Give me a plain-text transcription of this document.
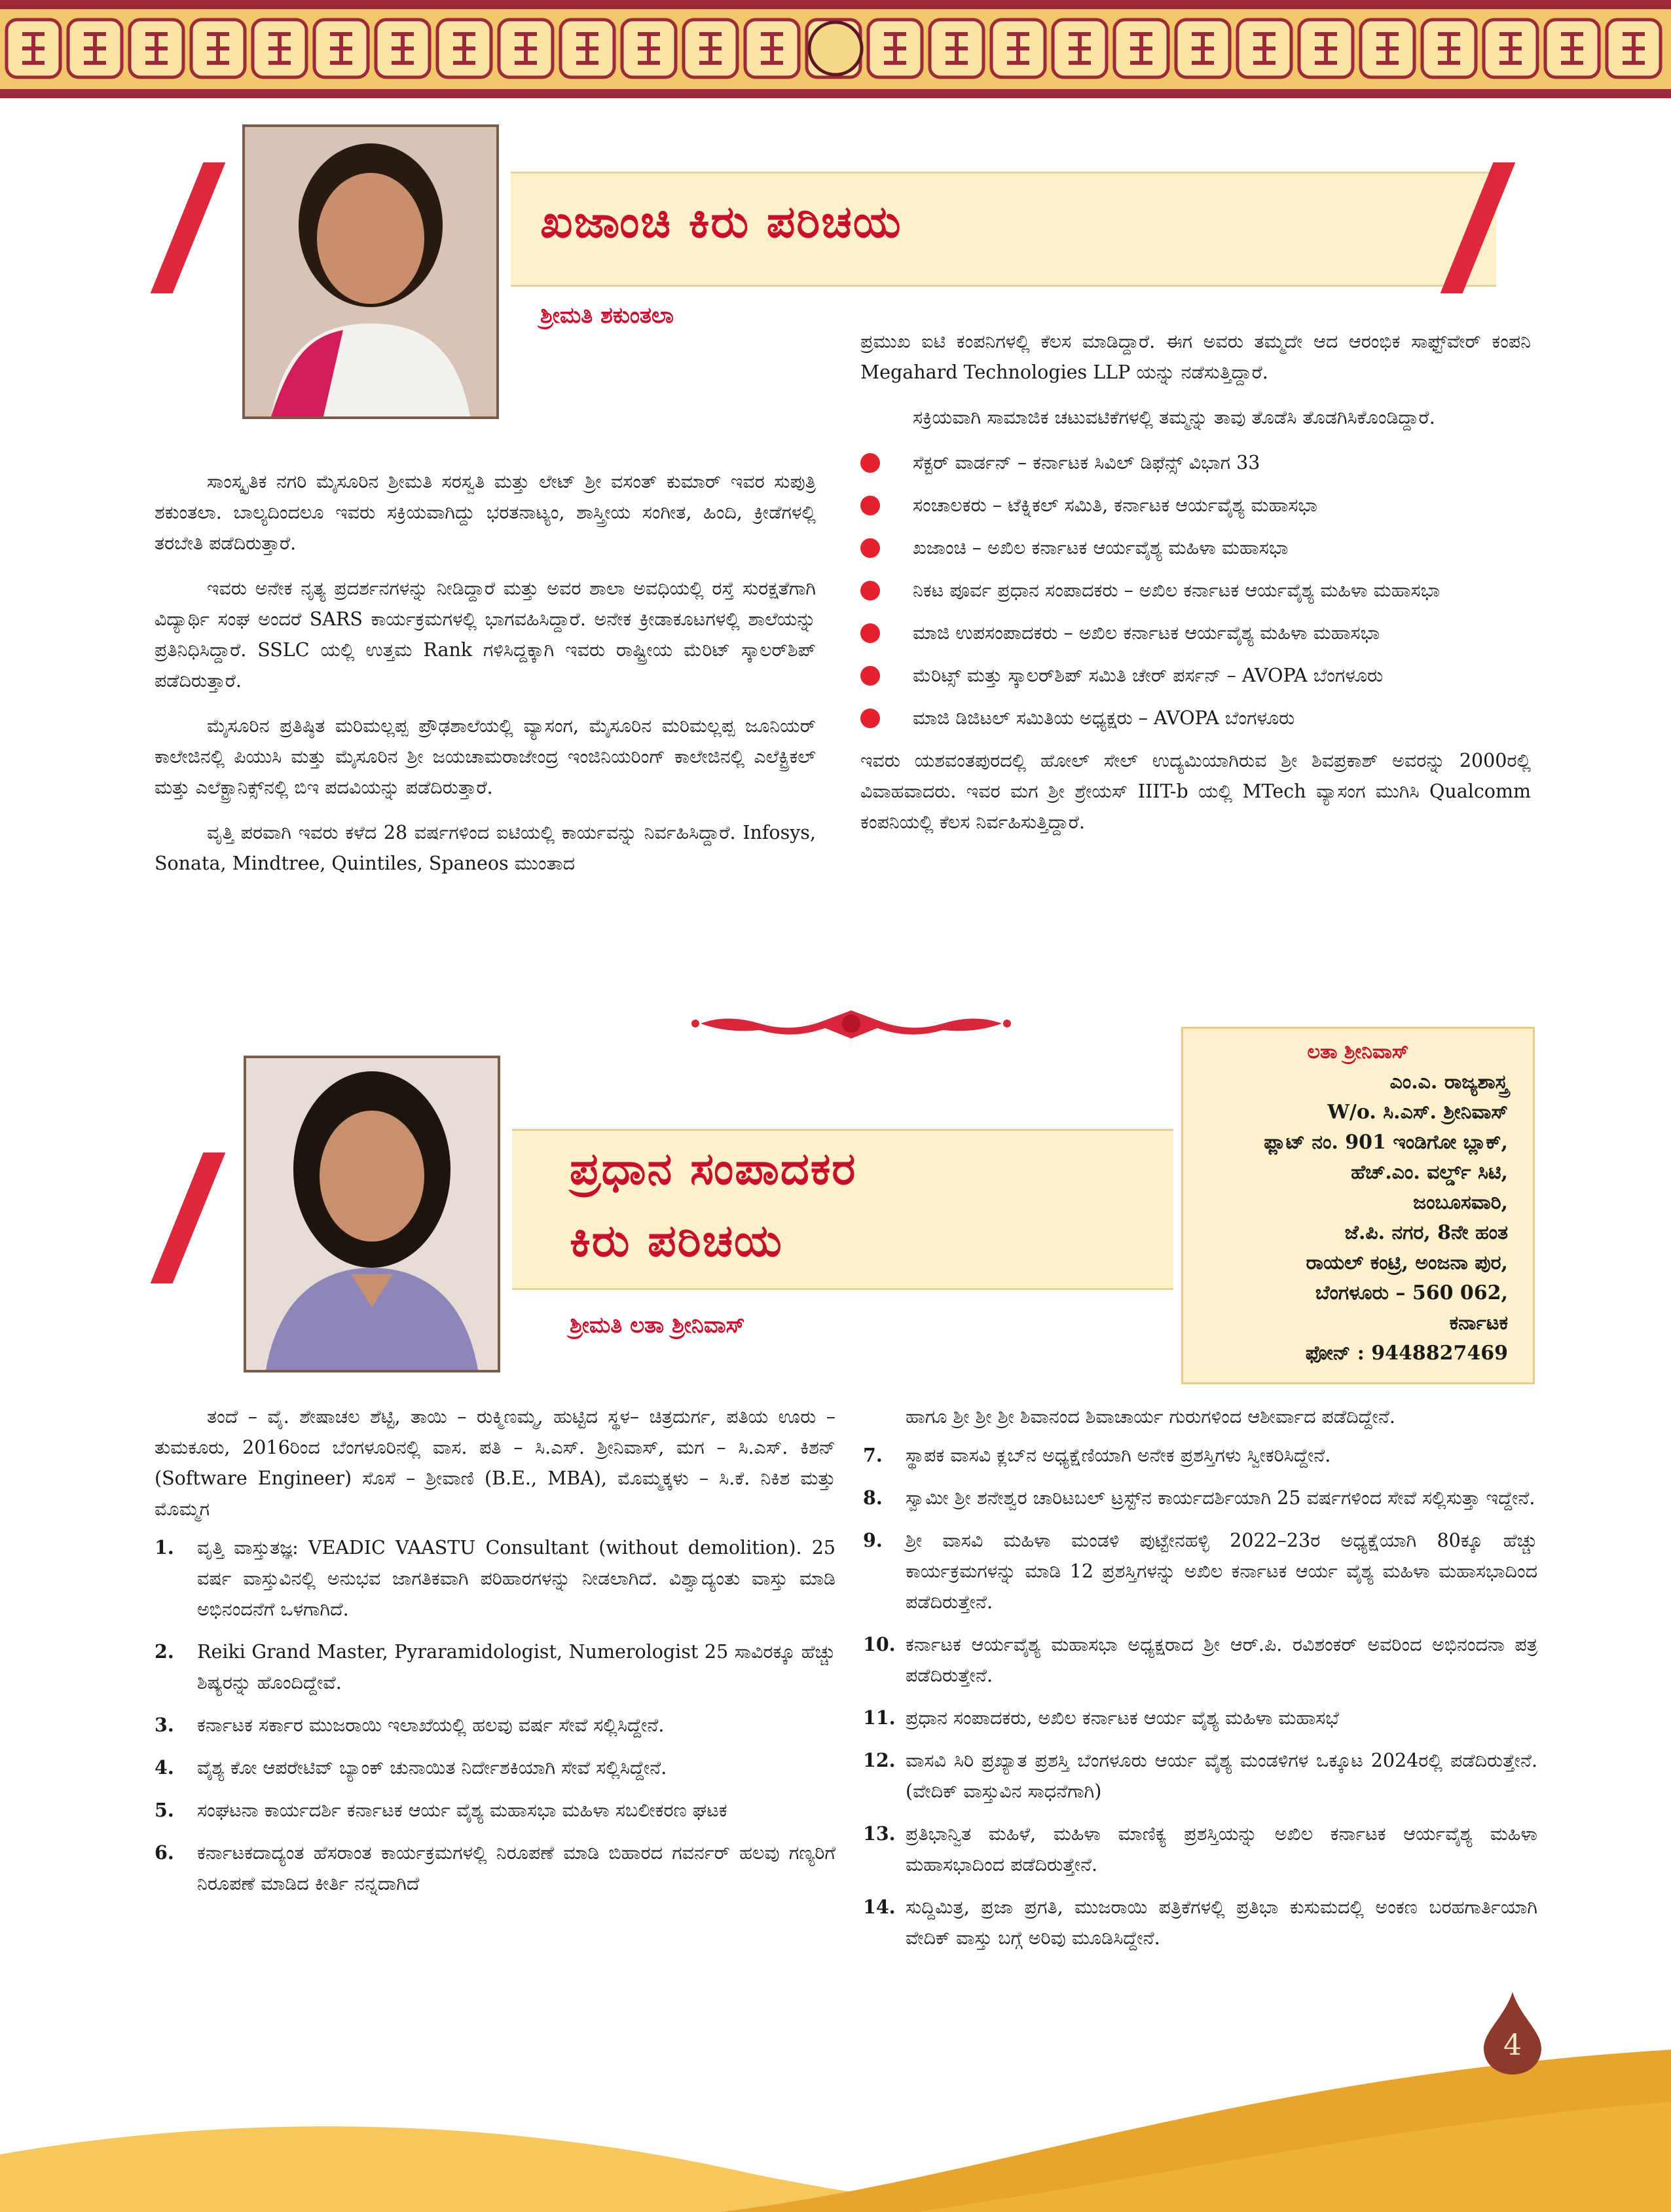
ಖಜಾಂಚಿ ಕಿರು ಪರಿಚಯ
ಶ್ರೀಮತಿ ಶಕುಂತಲಾ

ಸಾಂಸ್ಕೃತಿಕ ನಗರಿ ಮೈಸೂರಿನ ಶ್ರೀಮತಿ ಸರಸ್ವತಿ ಮತ್ತು ಲೇಟ್ ಶ್ರೀ ವಸಂತ್ ಕುಮಾರ್ ಇವರ ಸುಪುತ್ರಿ ಶಕುಂತಲಾ. ಬಾಲ್ಯದಿಂದಲೂ ಇವರು ಸಕ್ರಿಯವಾಗಿದ್ದು ಭರತನಾಟ್ಯಂ, ಶಾಸ್ತ್ರೀಯ ಸಂಗೀತ, ಹಿಂದಿ, ಕ್ರೀಡೆಗಳಲ್ಲಿ ತರಬೇತಿ ಪಡೆದಿರುತ್ತಾರೆ.

ಇವರು ಅನೇಕ ನೃತ್ಯ ಪ್ರದರ್ಶನಗಳನ್ನು ನೀಡಿದ್ದಾರೆ ಮತ್ತು ಅವರ ಶಾಲಾ ಅವಧಿಯಲ್ಲಿ ರಸ್ತೆ ಸುರಕ್ಷತೆಗಾಗಿ ವಿದ್ಯಾರ್ಥಿ ಸಂಘ ಅಂದರೆ SARS ಕಾರ್ಯಕ್ರಮಗಳಲ್ಲಿ ಭಾಗವಹಿಸಿದ್ದಾರೆ. ಅನೇಕ ಕ್ರೀಡಾಕೂಟಗಳಲ್ಲಿ ಶಾಲೆಯನ್ನು ಪ್ರತಿನಿಧಿಸಿದ್ದಾರೆ. SSLC ಯಲ್ಲಿ ಉತ್ತಮ Rank ಗಳಿಸಿದ್ದಕ್ಕಾಗಿ ಇವರು ರಾಷ್ಟ್ರೀಯ ಮೆರಿಟ್ ಸ್ಕಾಲರ್‌ಶಿಪ್ ಪಡೆದಿರುತ್ತಾರೆ.

ಮೈಸೂರಿನ ಪ್ರತಿಷ್ಠಿತ ಮರಿಮಲ್ಲಪ್ಪ ಪ್ರೌಢಶಾಲೆಯಲ್ಲಿ ವ್ಯಾಸಂಗ, ಮೈಸೂರಿನ ಮರಿಮಲ್ಲಪ್ಪ ಜೂನಿಯರ್ ಕಾಲೇಜಿನಲ್ಲಿ ಪಿಯುಸಿ ಮತ್ತು ಮೈಸೂರಿನ ಶ್ರೀ ಜಯಚಾಮರಾಜೇಂದ್ರ ಇಂಜಿನಿಯರಿಂಗ್ ಕಾಲೇಜಿನಲ್ಲಿ ಎಲೆಕ್ಟ್ರಿಕಲ್ ಮತ್ತು ಎಲೆಕ್ಟ್ರಾನಿಕ್ಸ್‌ನಲ್ಲಿ ಬಿಇ ಪದವಿಯನ್ನು ಪಡೆದಿರುತ್ತಾರೆ.

ವೃತ್ತಿ ಪರವಾಗಿ ಇವರು ಕಳೆದ 28 ವರ್ಷಗಳಿಂದ ಐಟಿಯಲ್ಲಿ ಕಾರ್ಯವನ್ನು ನಿರ್ವಹಿಸಿದ್ದಾರೆ. Infosys, Sonata, Mindtree, Quintiles, Spaneos ಮುಂತಾದ

ಪ್ರಮುಖ ಐಟಿ ಕಂಪನಿಗಳಲ್ಲಿ ಕೆಲಸ ಮಾಡಿದ್ದಾರೆ. ಈಗ ಅವರು ತಮ್ಮದೇ ಆದ ಆರಂಭಿಕ ಸಾಫ್ಟ್‌ವೇರ್ ಕಂಪನಿ Megahard Technologies LLP ಯನ್ನು ನಡೆಸುತ್ತಿದ್ದಾರೆ.

ಸಕ್ರಿಯವಾಗಿ ಸಾಮಾಜಿಕ ಚಟುವಟಿಕೆಗಳಲ್ಲಿ ತಮ್ಮನ್ನು ತಾವು ತೊಡೆಸಿ ತೊಡಗಿಸಿಕೊಂಡಿದ್ದಾರೆ.

ಸೆಕ್ಟರ್ ವಾರ್ಡನ್ – ಕರ್ನಾಟಕ ಸಿವಿಲ್ ಡಿಫೆನ್ಸ್ ವಿಭಾಗ 33
ಸಂಚಾಲಕರು – ಟೆಕ್ನಿಕಲ್ ಸಮಿತಿ, ಕರ್ನಾಟಕ ಆರ್ಯವೈಶ್ಯ ಮಹಾಸಭಾ
ಖಜಾಂಚಿ – ಅಖಿಲ ಕರ್ನಾಟಕ ಆರ್ಯವೈಶ್ಯ ಮಹಿಳಾ ಮಹಾಸಭಾ
ನಿಕಟ ಪೂರ್ವ ಪ್ರಧಾನ ಸಂಪಾದಕರು – ಅಖಿಲ ಕರ್ನಾಟಕ ಆರ್ಯವೈಶ್ಯ ಮಹಿಳಾ ಮಹಾಸಭಾ
ಮಾಜಿ ಉಪಸಂಪಾದಕರು – ಅಖಿಲ ಕರ್ನಾಟಕ ಆರ್ಯವೈಶ್ಯ ಮಹಿಳಾ ಮಹಾಸಭಾ
ಮೆರಿಟ್ಸ್ ಮತ್ತು ಸ್ಕಾಲರ್‌ಶಿಪ್ ಸಮಿತಿ ಚೇರ್ ಪರ್ಸನ್ – AVOPA ಬೆಂಗಳೂರು
ಮಾಜಿ ಡಿಜಿಟಲ್ ಸಮಿತಿಯ ಅಧ್ಯಕ್ಷರು – AVOPA ಬೆಂಗಳೂರು

ಇವರು ಯಶವಂತಪುರದಲ್ಲಿ ಹೋಲ್ ಸೇಲ್ ಉದ್ಯಮಿಯಾಗಿರುವ ಶ್ರೀ ಶಿವಪ್ರಕಾಶ್ ಅವರನ್ನು 2000ರಲ್ಲಿ ವಿವಾಹವಾದರು. ಇವರ ಮಗ ಶ್ರೀ ಶ್ರೇಯಸ್ IIIT-b ಯಲ್ಲಿ MTech ವ್ಯಾಸಂಗ ಮುಗಿಸಿ Qualcomm ಕಂಪನಿಯಲ್ಲಿ ಕೆಲಸ ನಿರ್ವಹಿಸುತ್ತಿದ್ದಾರೆ.

ಲತಾ ಶ್ರೀನಿವಾಸ್
ಎಂ.ಎ. ರಾಜ್ಯಶಾಸ್ತ್ರ
W/o. ಸಿ.ಎಸ್. ಶ್ರೀನಿವಾಸ್
ಫ್ಲಾಟ್ ನಂ. 901 ಇಂಡಿಗೋ ಬ್ಲಾಕ್,
ಹೆಚ್.ಎಂ. ವರ್ಲ್ಡ್ ಸಿಟಿ,
ಜಂಬೂಸವಾರಿ,
ಜೆ.ಪಿ. ನಗರ, 8ನೇ ಹಂತ
ರಾಯಲ್ ಕಂಟ್ರಿ, ಅಂಜನಾ ಪುರ,
ಬೆಂಗಳೂರು – 560 062,
ಕರ್ನಾಟಕ
ಫೋನ್ : 9448827469
ಪ್ರಧಾನ ಸಂಪಾದಕರ
ಕಿರು ಪರಿಚಯ
ಶ್ರೀಮತಿ ಲತಾ ಶ್ರೀನಿವಾಸ್

ತಂದೆ – ವೈ. ಶೇಷಾಚಲ ಶೆಟ್ಟಿ, ತಾಯಿ – ರುಕ್ಮಿಣಮ್ಮ, ಹುಟ್ಟಿದ ಸ್ಥಳ– ಚಿತ್ರದುರ್ಗ, ಪತಿಯ ಊರು – ತುಮಕೂರು, 2016ರಿಂದ ಬೆಂಗಳೂರಿನಲ್ಲಿ ವಾಸ. ಪತಿ – ಸಿ.ಎಸ್. ಶ್ರೀನಿವಾಸ್, ಮಗ – ಸಿ.ಎಸ್. ಕಿಶನ್ (Software Engineer) ಸೊಸೆ – ಶ್ರೀವಾಣಿ (B.E., MBA), ಮೊಮ್ಮಕ್ಕಳು – ಸಿ.ಕೆ. ನಿಕಿಶ ಮತ್ತು ಮೊಮ್ಮಗ

1. ವೃತ್ತಿ ವಾಸ್ತುತಜ್ಞ: VEADIC VAASTU Consultant (without demolition). 25 ವರ್ಷ ವಾಸ್ತುವಿನಲ್ಲಿ ಅನುಭವ ಜಾಗತಿಕವಾಗಿ ಪರಿಹಾರಗಳನ್ನು ನೀಡಲಾಗಿದೆ. ವಿಶ್ವಾದ್ಯಂತು ವಾಸ್ತು ಮಾಡಿ ಅಭಿನಂದನೆಗೆ ಒಳಗಾಗಿದೆ.
2. Reiki Grand Master, Pyraramidologist, Numerologist 25 ಸಾವಿರಕ್ಕೂ ಹೆಚ್ಚು ಶಿಷ್ಯರನ್ನು ಹೊಂದಿದ್ದೇವೆ.
3. ಕರ್ನಾಟಕ ಸರ್ಕಾರ ಮುಜರಾಯಿ ಇಲಾಖೆಯಲ್ಲಿ ಹಲವು ವರ್ಷ ಸೇವೆ ಸಲ್ಲಿಸಿದ್ದೇನೆ.
4. ವೈಶ್ಯ ಕೋ ಆಪರೇಟಿವ್ ಬ್ಯಾಂಕ್ ಚುನಾಯಿತ ನಿರ್ದೇಶಕಿಯಾಗಿ ಸೇವೆ ಸಲ್ಲಿಸಿದ್ದೇನೆ.
5. ಸಂಘಟನಾ ಕಾರ್ಯದರ್ಶಿ ಕರ್ನಾಟಕ ಆರ್ಯ ವೈಶ್ಯ ಮಹಾಸಭಾ ಮಹಿಳಾ ಸಬಲೀಕರಣ ಘಟಕ
6. ಕರ್ನಾಟಕದಾದ್ಯಂತ ಹೆಸರಾಂತ ಕಾರ್ಯಕ್ರಮಗಳಲ್ಲಿ ನಿರೂಪಣೆ ಮಾಡಿ ಬಿಹಾರದ ಗವರ್ನರ್ ಹಲವು ಗಣ್ಯರಿಗೆ ನಿರೂಪಣೆ ಮಾಡಿದ ಕೀರ್ತಿ ನನ್ನದಾಗಿದೆ

ಹಾಗೂ ಶ್ರೀ ಶ್ರೀ ಶ್ರೀ ಶಿವಾನಂದ ಶಿವಾಚಾರ್ಯ ಗುರುಗಳಿಂದ ಆಶೀರ್ವಾದ ಪಡೆದಿದ್ದೇನೆ.

7. ಸ್ಥಾಪಕ ವಾಸವಿ ಕ್ಲಬ್‌ನ ಅಧ್ಯಕ್ಷೆಣಿಯಾಗಿ ಅನೇಕ ಪ್ರಶಸ್ತಿಗಳು ಸ್ವೀಕರಿಸಿದ್ದೇನೆ.
8. ಸ್ವಾಮೀ ಶ್ರೀ ಶನೇಶ್ವರ ಚಾರಿಟಬಲ್ ಟ್ರಸ್ಟ್‌ನ ಕಾರ್ಯದರ್ಶಿಯಾಗಿ 25 ವರ್ಷಗಳಿಂದ ಸೇವೆ ಸಲ್ಲಿಸುತ್ತಾ ಇದ್ದೇನೆ.
9. ಶ್ರೀ ವಾಸವಿ ಮಹಿಳಾ ಮಂಡಳಿ ಪುಟ್ಟೇನಹಳ್ಳಿ 2022–23ರ ಅಧ್ಯಕ್ಷೆಯಾಗಿ 80ಕ್ಕೂ ಹೆಚ್ಚು ಕಾರ್ಯಕ್ರಮಗಳನ್ನು ಮಾಡಿ 12 ಪ್ರಶಸ್ತಿಗಳನ್ನು ಅಖಿಲ ಕರ್ನಾಟಕ ಆರ್ಯ ವೈಶ್ಯ ಮಹಿಳಾ ಮಹಾಸಭಾದಿಂದ ಪಡೆದಿರುತ್ತೇನೆ.
10. ಕರ್ನಾಟಕ ಆರ್ಯವೈಶ್ಯ ಮಹಾಸಭಾ ಅಧ್ಯಕ್ಷರಾದ ಶ್ರೀ ಆರ್.ಪಿ. ರವಿಶಂಕರ್ ಅವರಿಂದ ಅಭಿನಂದನಾ ಪತ್ರ ಪಡೆದಿರುತ್ತೇನೆ.
11. ಪ್ರಧಾನ ಸಂಪಾದಕರು, ಅಖಿಲ ಕರ್ನಾಟಕ ಆರ್ಯ ವೈಶ್ಯ ಮಹಿಳಾ ಮಹಾಸಭೆ
12. ವಾಸವಿ ಸಿರಿ ಪ್ರಖ್ಯಾತ ಪ್ರಶಸ್ತಿ ಬೆಂಗಳೂರು ಆರ್ಯ ವೈಶ್ಯ ಮಂಡಳಿಗಳ ಒಕ್ಕೂಟ 2024ರಲ್ಲಿ ಪಡೆದಿರುತ್ತೇನೆ. (ವೇದಿಕ್ ವಾಸ್ತುವಿನ ಸಾಧನೆಗಾಗಿ)
13. ಪ್ರತಿಭಾನ್ವಿತ ಮಹಿಳೆ, ಮಹಿಳಾ ಮಾಣಿಕ್ಯ ಪ್ರಶಸ್ತಿಯನ್ನು ಅಖಿಲ ಕರ್ನಾಟಕ ಆರ್ಯವೈಶ್ಯ ಮಹಿಳಾ ಮಹಾಸಭಾದಿಂದ ಪಡೆದಿರುತ್ತೇನೆ.
14. ಸುದ್ದಿಮಿತ್ರ, ಪ್ರಜಾ ಪ್ರಗತಿ, ಮುಜರಾಯಿ ಪತ್ರಿಕೆಗಳಲ್ಲಿ ಪ್ರತಿಭಾ ಕುಸುಮದಲ್ಲಿ ಅಂಕಣ ಬರಹಗಾರ್ತಿಯಾಗಿ ವೇದಿಕ್ ವಾಸ್ತು ಬಗ್ಗೆ ಅರಿವು ಮೂಡಿಸಿದ್ದೇನೆ.
4
